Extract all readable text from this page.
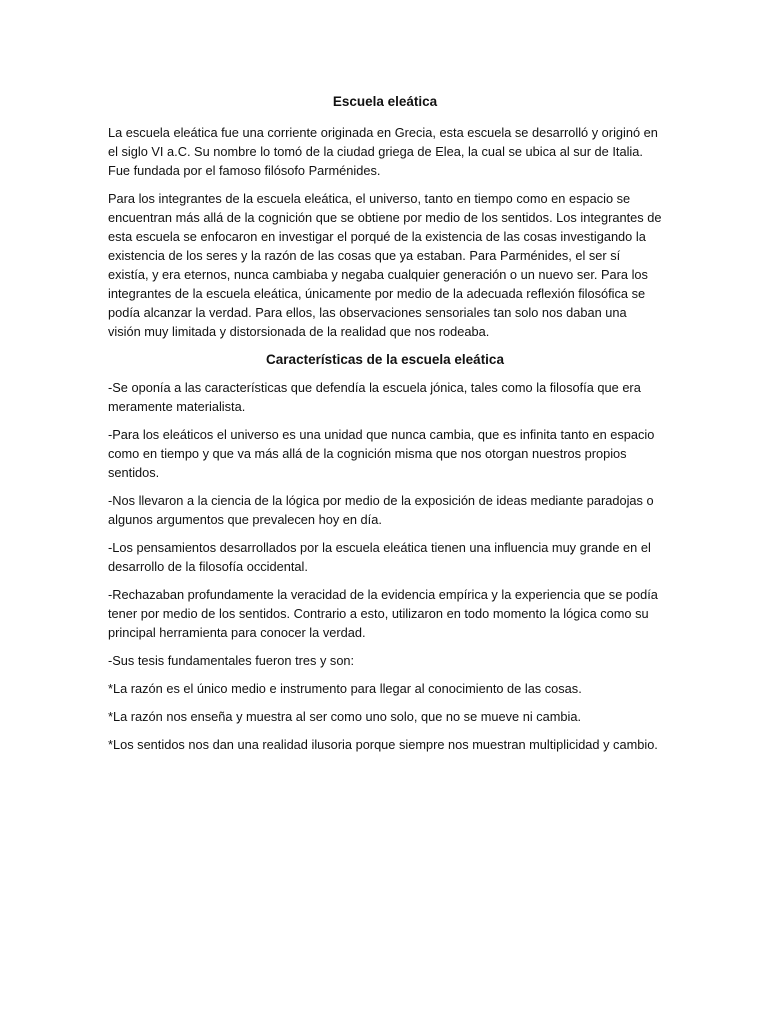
Escuela eleática

La escuela eleática fue una corriente originada en Grecia, esta escuela se desarrolló y originó en el siglo VI a.C. Su nombre lo tomó de la ciudad griega de Elea, la cual se ubica al sur de Italia. Fue fundada por el famoso filósofo Parménides.

Para los integrantes de la escuela eleática, el universo, tanto en tiempo como en espacio se encuentran más allá de la cognición que se obtiene por medio de los sentidos. Los integrantes de esta escuela se enfocaron en investigar el porqué de la existencia de las cosas investigando la existencia de los seres y la razón de las cosas que ya estaban. Para Parménides, el ser sí existía, y era eternos, nunca cambiaba y negaba cualquier generación o un nuevo ser. Para los integrantes de la escuela eleática, únicamente por medio de la adecuada reflexión filosófica se podía alcanzar la verdad. Para ellos, las observaciones sensoriales tan solo nos daban una visión muy limitada y distorsionada de la realidad que nos rodeaba.

Características de la escuela eleática

-Se oponía a las características que defendía la escuela jónica, tales como la filosofía que era meramente materialista.

-Para los eleáticos el universo es una unidad que nunca cambia, que es infinita tanto en espacio como en tiempo y que va más allá de la cognición misma que nos otorgan nuestros propios sentidos.

-Nos llevaron a la ciencia de la lógica por medio de la exposición de ideas mediante paradojas o algunos argumentos que prevalecen hoy en día.

-Los pensamientos desarrollados por la escuela eleática tienen una influencia muy grande en el desarrollo de la filosofía occidental.

-Rechazaban profundamente la veracidad de la evidencia empírica y la experiencia que se podía tener por medio de los sentidos. Contrario a esto, utilizaron en todo momento la lógica como su principal herramienta para conocer la verdad.

-Sus tesis fundamentales fueron tres y son:

*La razón es el único medio e instrumento para llegar al conocimiento de las cosas.

*La razón nos enseña y muestra al ser como uno solo, que no se mueve ni cambia.

*Los sentidos nos dan una realidad ilusoria porque siempre nos muestran multiplicidad y cambio.
